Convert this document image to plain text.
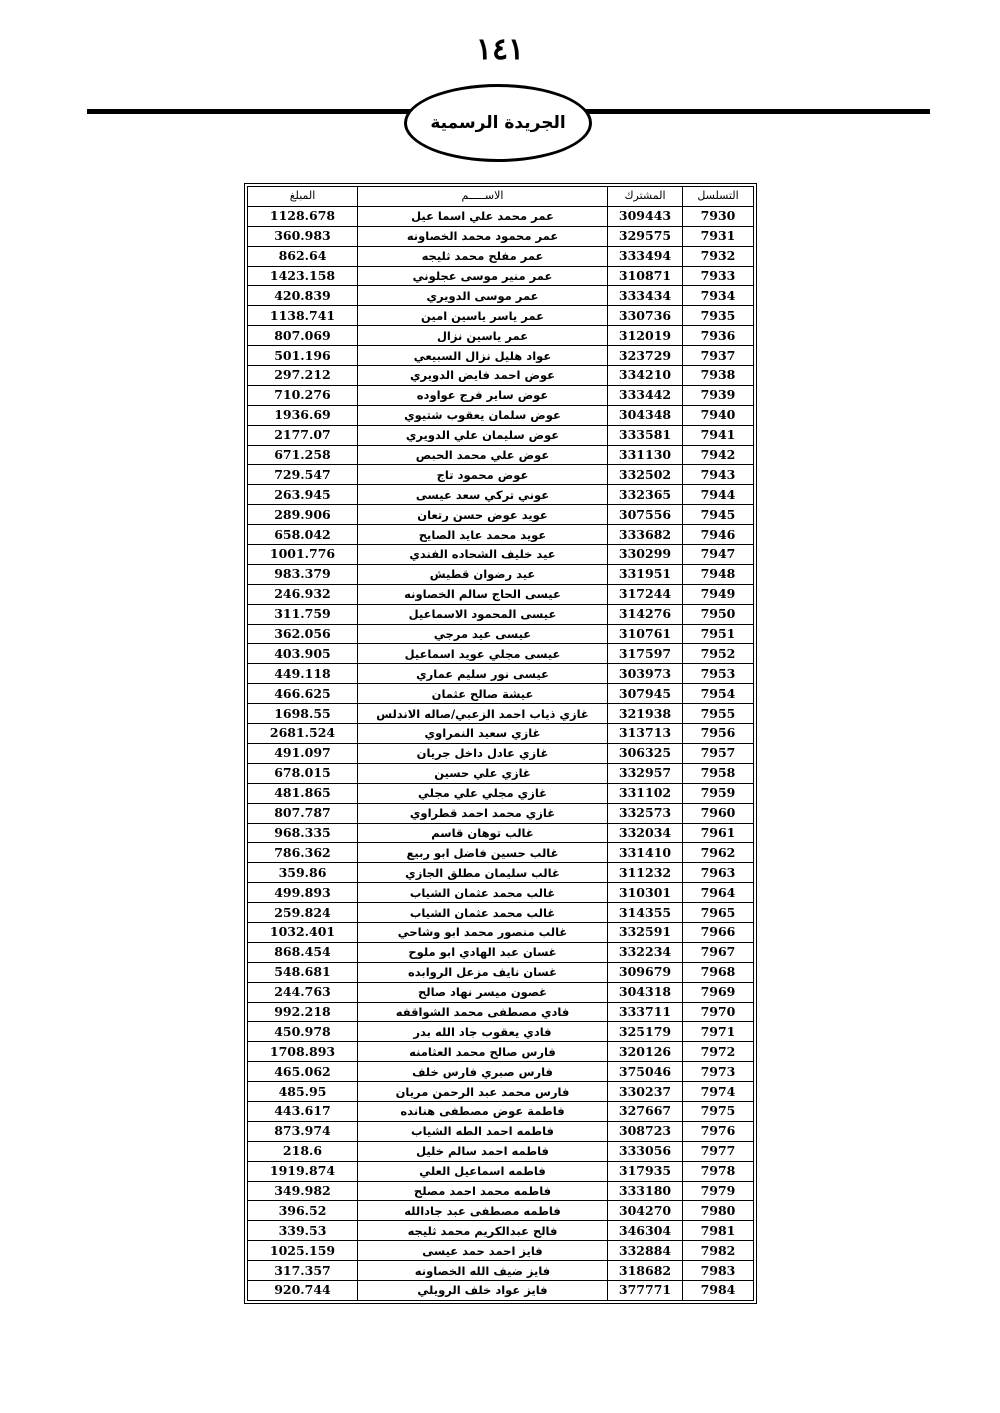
١٤١
الجريدة الرسمية
التسلسل	المشترك	الاســـــم	المبلغ
7930	309443	عمر محمد علي اسما عيل	1128.678
7931	329575	عمر محمود محمد الخصاونه	360.983
7932	333494	عمر مفلح محمد ثليجه	862.64
7933	310871	عمر منير موسى عجلوني	1423.158
7934	333434	عمر موسى الدويري	420.839
7935	330736	عمر ياسر ياسين امين	1138.741
7936	312019	عمر ياسين نزال	807.069
7937	323729	عواد هليل نزال السبيعي	501.196
7938	334210	عوض احمد فايض الدويري	297.212
7939	333442	عوض ساير فرج عواوده	710.276
7940	304348	عوض سلمان يعقوب شتيوي	1936.69
7941	333581	عوض سليمان علي الدويري	2177.07
7942	331130	عوض علي محمد الحبص	671.258
7943	332502	عوض محمود تاج	729.547
7944	332365	عوني تركي سعد عيسى	263.945
7945	307556	عويد عوض حسن رتعان	289.906
7946	333682	عويد محمد عايد الصايح	658.042
7947	330299	عيد خليف الشحاده الفندي	1001.776
7948	331951	عيد رضوان قطيش	983.379
7949	317244	عيسى الحاج سالم الخصاونه	246.932
7950	314276	عيسى المحمود الاسماعيل	311.759
7951	310761	عيسى عيد مرجي	362.056
7952	317597	عيسى مجلي عويد اسماعيل	403.905
7953	303973	عيسى نور سليم عماري	449.118
7954	307945	عيشة صالح عثمان	466.625
7955	321938	غازي ذياب احمد الزعبي/صاله الاندلس	1698.55
7956	313713	غازي سعيد النمراوي	2681.524
7957	306325	غازي عادل داخل جريان	491.097
7958	332957	غازي علي حسين	678.015
7959	331102	غازي مجلي علي مجلي	481.865
7960	332573	غازي محمد احمد قطراوي	807.787
7961	332034	غالب توهان قاسم	968.335
7962	331410	غالب حسين فاضل ابو ربيع	786.362
7963	311232	غالب سليمان مطلق الجازي	359.86
7964	310301	غالب محمد عثمان الشياب	499.893
7965	314355	غالب محمد عثمان الشياب	259.824
7966	332591	غالب منصور محمد ابو وشاحي	1032.401
7967	332234	غسان عبد الهادي ابو ملوح	868.454
7968	309679	غسان نايف مزعل الروابده	548.681
7969	304318	غصون ميسر نهاد صالح	244.763
7970	333711	فادي مصطفى محمد الشواقفه	992.218
7971	325179	فادي يعقوب جاد الله بدر	450.978
7972	320126	فارس صالح محمد العثامنه	1708.893
7973	375046	فارس صبري فارس خلف	465.062
7974	330237	فارس محمد عبد الرحمن مريان	485.95
7975	327667	فاطمة عوض مصطفى هنانده	443.617
7976	308723	فاطمه احمد الطه الشياب	873.974
7977	333056	فاطمه احمد سالم خليل	218.6
7978	317935	فاطمه اسماعيل العلي	1919.874
7979	333180	فاطمه محمد احمد مصلح	349.982
7980	304270	فاطمه مصطفى عبد جادالله	396.52
7981	346304	فالح عبدالكريم محمد ثليجه	339.53
7982	332884	فايز احمد حمد عيسى	1025.159
7983	318682	فايز ضيف الله الخصاونه	317.357
7984	377771	فايز عواد خلف الرويلي	920.744
